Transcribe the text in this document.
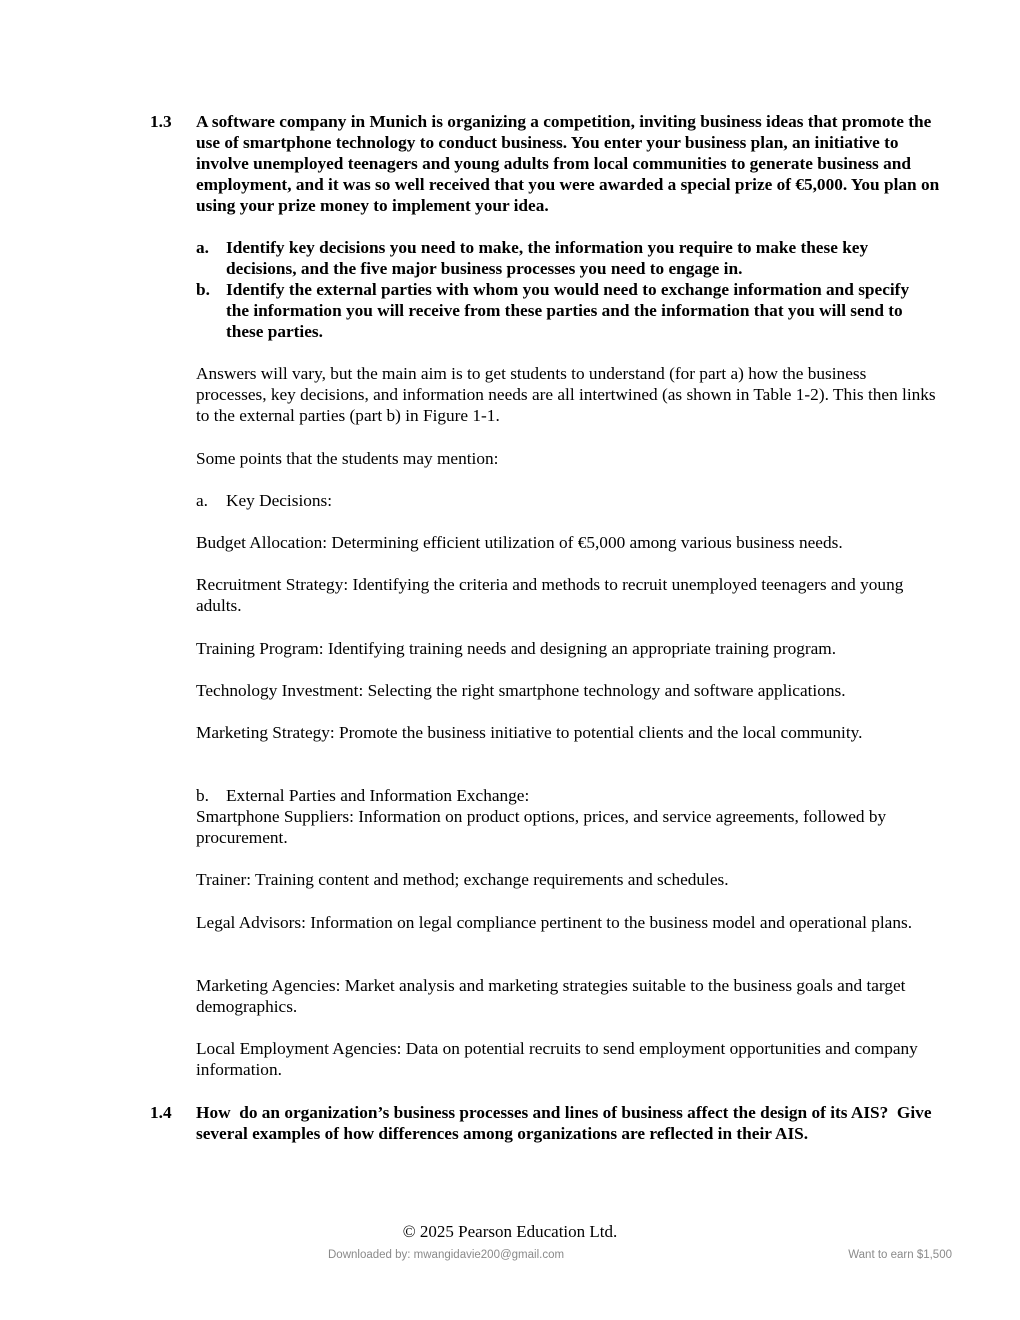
1.3 A software company in Munich is organizing a competition, inviting business ideas that promote the use of smartphone technology to conduct business. You enter your business plan, an initiative to involve unemployed teenagers and young adults from local communities to generate business and employment, and it was so well received that you were awarded a special prize of €5,000. You plan on using your prize money to implement your idea.
a. Identify key decisions you need to make, the information you require to make these key decisions, and the five major business processes you need to engage in.
b. Identify the external parties with whom you would need to exchange information and specify the information you will receive from these parties and the information that you will send to these parties.

Answers will vary, but the main aim is to get students to understand (for part a) how the business processes, key decisions, and information needs are all intertwined (as shown in Table 1-2). This then links to the external parties (part b) in Figure 1-1.

Some points that the students may mention:

a. Key Decisions:

Budget Allocation: Determining efficient utilization of €5,000 among various business needs.

Recruitment Strategy: Identifying the criteria and methods to recruit unemployed teenagers and young adults.

Training Program: Identifying training needs and designing an appropriate training program.

Technology Investment: Selecting the right smartphone technology and software applications.

Marketing Strategy: Promote the business initiative to potential clients and the local community.

b. External Parties and Information Exchange:

Smartphone Suppliers: Information on product options, prices, and service agreements, followed by procurement.

Trainer: Training content and method; exchange requirements and schedules.

Legal Advisors: Information on legal compliance pertinent to the business model and operational plans.

Marketing Agencies: Market analysis and marketing strategies suitable to the business goals and target demographics.

Local Employment Agencies: Data on potential recruits to send employment opportunities and company information.

1.4 How  do an organization’s business processes and lines of business affect the design of its AIS?  Give several examples of how differences among organizations are reflected in their AIS.
© 2025 Pearson Education Ltd.
Downloaded by: mwangidavie200@gmail.com	Want to earn $1,500
